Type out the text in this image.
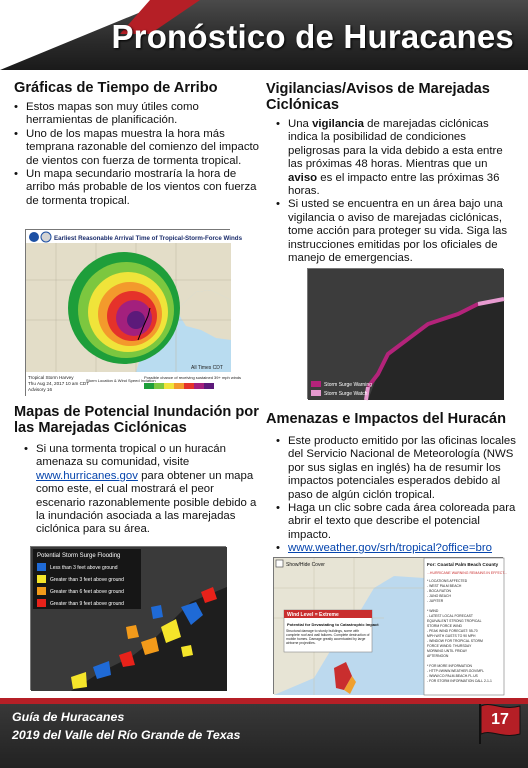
Pronóstico de Huracanes
Gráficas de Tiempo de Arribo
• Estos mapas son muy útiles como herramientas de planificación.
• Uno de los mapas muestra la hora más temprana razonable del comienzo del impacto de vientos con fuerza de tormenta tropical.
• Un mapa secundario mostraría la hora de arribo más probable de los vientos con fuerza de tormenta tropical.
Earliest Reasonable Arrival Time of Tropical-Storm-Force Winds
All Times CDT
Tropical Storm Harvey
Thu Aug 24, 2017 10 am CDT
Advisory 16
Storm Location & Wind Speed Inciation
Possible chance of receiving sustained 39+ mph winds
Mapas de Potencial Inundación por las Marejadas Ciclónicas
• Si una tormenta tropical o un huracán amenaza su comunidad, visite www.hurricanes.gov para obtener un mapa como este, el cual mostrará el peor escenario razonablemente posible debido a la inundación asociada a las marejadas ciclónica para su área.
Potential Storm Surge Flooding
Less than 3 feet above ground
Greater than 3 feet above ground
Greater than 6 feet above ground
Greater than 9 feet above ground
Vigilancias/Avisos de Marejadas Ciclónicas
• Una vigilancia de marejadas ciclónicas indica la posibilidad de condiciones peligrosas para la vida debido a esta entre las próximas 48 horas. Mientras que un aviso es el impacto entre las próximas 36 horas.
• Si usted se encuentra en un área bajo una vigilancia o aviso de marejadas ciclónicas, tome acción para proteger su vida. Siga las instrucciones emitidas por los oficiales de manejo de emergencias.
Storm Surge Warning
Storm Surge Watch
Amenazas e Impactos del Huracán
• Este producto emitido por las oficinas locales del Servicio Nacional de Meteorología (NWS por sus siglas en inglés) ha de resumir los impactos potenciales esperados debido al paso de algún ciclón tropical.
• Haga un clic sobre cada área coloreada para abrir el texto que describe el potencial impacto.
• www.weather.gov/srh/tropical?office=bro
Show/Hide Cover
Wind Level = Extreme
Potential for Devastating to Catastrophic Impact
Structural damage to sturdy buildings, some with complete roof and wall failures. Complete destruction of mobile homes. Damage greatly accentuated by large airborne projectiles.
For: Coastal Palm Beach County
...HURRICANE WARNING REMAINS IN EFFECT...
* LOCATIONS AFFECTED
- WEST PALM BEACH
- BOCA RATON
- JUNO BEACH
- JUPITER
* WIND
- LATEST LOCAL FORECAST
EQUIVALENT STRONG TROPICAL
STORM FORCE WIND
- PEAK WIND FORECAST: 55-70
MPH WITH GUSTS TO 90 MPH
- WINDOW FOR TROPICAL STORM
FORCE WINDS: THURSDAY
MORNING UNTIL FRIDAY
AFTERNOON
* FOR MORE INFORMATION
- HTTP://WWW.WEATHER.GOV/MFL
- WWW.CO.PALM-BEACH.FL.US
- FOR STORM INFORMATION CALL 2-1-1
Guía de Huracanes
2019 del Valle del Río Grande de Texas
17
